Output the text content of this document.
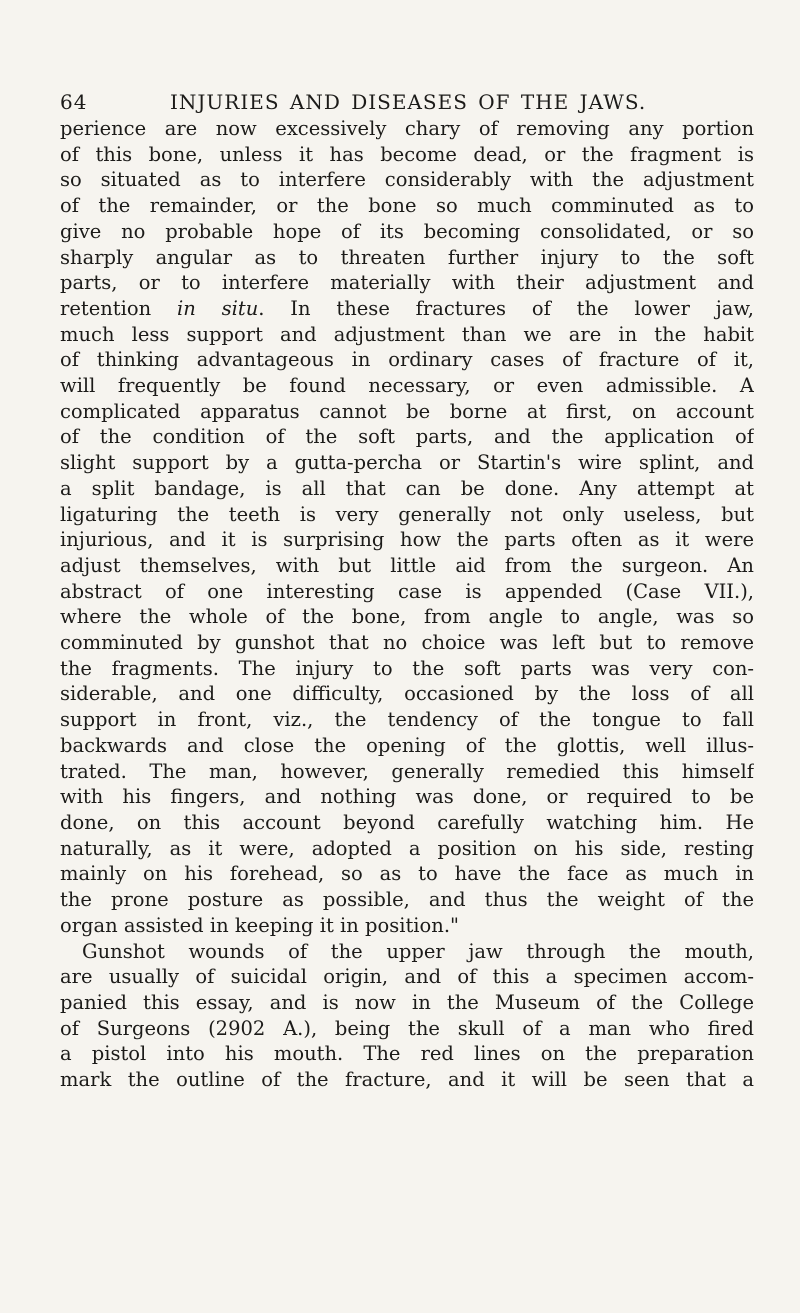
64	INJURIES AND DISEASES OF THE JAWS.
perience are now excessively chary of removing any portion
of this bone, unless it has become dead, or the fragment is
so situated as to interfere considerably with the adjustment
of the remainder, or the bone so much comminuted as to
give no probable hope of its becoming consolidated, or so
sharply angular as to threaten further injury to the soft
parts, or to interfere materially with their adjustment and
retention in situ. In these fractures of the lower jaw,
much less support and adjustment than we are in the habit
of thinking advantageous in ordinary cases of fracture of it,
will frequently be found necessary, or even admissible. A
complicated apparatus cannot be borne at first, on account
of the condition of the soft parts, and the application of
slight support by a gutta-percha or Startin's wire splint, and
a split bandage, is all that can be done. Any attempt at
ligaturing the teeth is very generally not only useless, but
injurious, and it is surprising how the parts often as it were
adjust themselves, with but little aid from the surgeon. An
abstract of one interesting case is appended (Case VII.),
where the whole of the bone, from angle to angle, was so
comminuted by gunshot that no choice was left but to remove
the fragments. The injury to the soft parts was very con-
siderable, and one difficulty, occasioned by the loss of all
support in front, viz., the tendency of the tongue to fall
backwards and close the opening of the glottis, well illus-
trated. The man, however, generally remedied this himself
with his fingers, and nothing was done, or required to be
done, on this account beyond carefully watching him. He
naturally, as it were, adopted a position on his side, resting
mainly on his forehead, so as to have the face as much in
the prone posture as possible, and thus the weight of the
organ assisted in keeping it in position."
Gunshot wounds of the upper jaw through the mouth,
are usually of suicidal origin, and of this a specimen accom-
panied this essay, and is now in the Museum of the College
of Surgeons (2902 A.), being the skull of a man who fired
a pistol into his mouth. The red lines on the preparation
mark the outline of the fracture, and it will be seen that a
